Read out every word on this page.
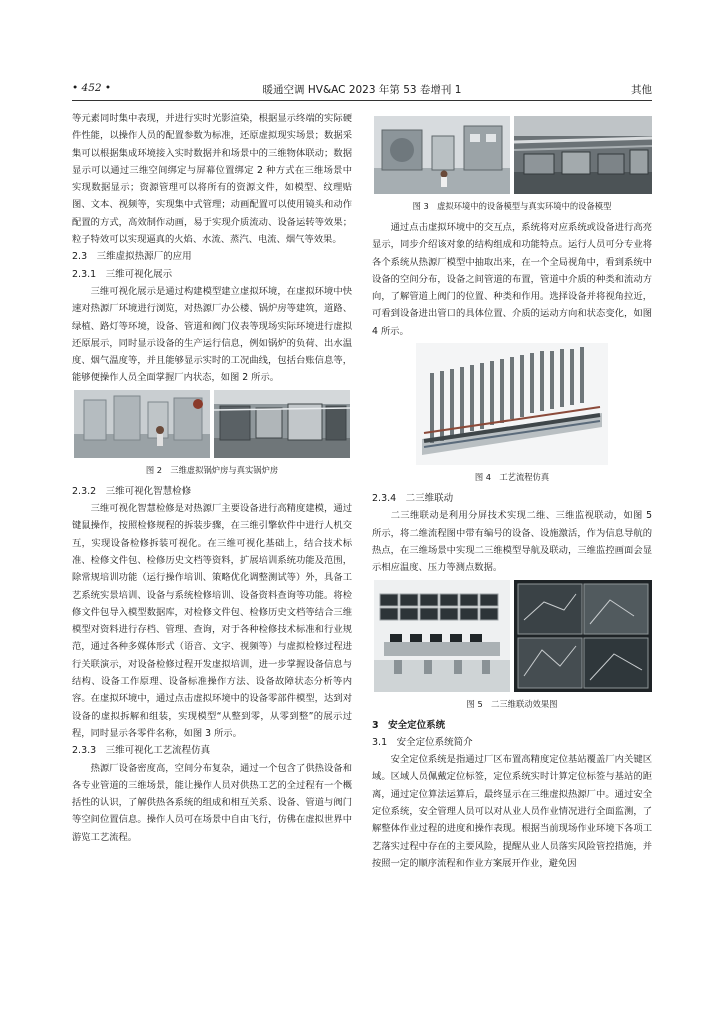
• 452 •	暖通空调 HV&AC 2023 年第 53 卷增刊 1	其他

等元素同时集中表现，并进行实时光影渲染，根据显示终端的实际硬件性能，以操作人员的配置参数为标准，还原虚拟现实场景；数据采集可以根据集成环境接入实时数据并和场景中的三维物体联动；数据显示可以通过三维空间绑定与屏幕位置绑定 2 种方式在三维场景中实现数据显示；资源管理可以将所有的资源文件，如模型、纹理贴图、文本、视频等，实现集中式管理；动画配置可以使用镜头和动作配置的方式，高效制作动画，易于实现介质流动、设备运转等效果；粒子特效可以实现逼真的火焰、水流、蒸汽、电流、烟气等效果。

2.3　三维虚拟热源厂的应用
2.3.1　三维可视化展示

三维可视化展示是通过构建模型建立虚拟环境，在虚拟环境中快速对热源厂环境进行浏览，对热源厂办公楼、锅炉房等建筑，道路、绿植、路灯等环境，设备、管道和阀门仪表等现场实际环境进行虚拟还原展示，同时显示设备的生产运行信息，例如锅炉的负荷、出水温度、烟气温度等，并且能够显示实时的工况曲线，包括台账信息等，能够便操作人员全面掌握厂内状态，如图 2 所示。

图 2　三维虚拟锅炉房与真实锅炉房
2.3.2　三维可视化智慧检修

三维可视化智慧检修是对热源厂主要设备进行高精度建模，通过键鼠操作，按照检修规程的拆装步骤，在三维引擎软件中进行人机交互，实现设备检修拆装可视化。在三维可视化基础上，结合技术标准、检修文件包、检修历史文档等资料，扩展培训系统功能及范围，除常规培训功能（运行操作培训、策略优化调整测试等）外，具备工艺系统实景培训、设备与系统检修培训、设备资料查询等功能。将检修文件包导入模型数据库，对检修文件包、检修历史文档等结合三维模型对资料进行存档、管理、查询，对于各种检修技术标准和行业规范，通过各种多媒体形式（语音、文字、视频等）与虚拟检修过程进行关联演示，对设备检修过程开发虚拟培训，进一步掌握设备信息与结构、设备工作原理、设备标准操作方法、设备故障状态分析等内容。在虚拟环境中，通过点击虚拟环境中的设备零部件模型，达到对设备的虚拟拆解和组装，实现模型“从整到零，从零到整”的展示过程，同时显示各零件名称，如图 3 所示。

2.3.3　三维可视化工艺流程仿真

热源厂设备密度高，空间分布复杂，通过一个包含了供热设备和各专业管道的三维场景，能让操作人员对供热工艺的全过程有一个概括性的认识，了解供热各系统的组成和相互关系、设备、管道与阀门等空间位置信息。操作人员可在场景中自由飞行，仿佛在虚拟世界中游览工艺流程。

图 3　虚拟环境中的设备模型与真实环境中的设备模型

通过点击虚拟环境中的交互点，系统将对应系统或设备进行高亮显示，同步介绍该对象的结构组成和功能特点。运行人员可分专业将各个系统从热源厂模型中抽取出来，在一个全局视角中，看到系统中设备的空间分布，设备之间管道的布置，管道中介质的种类和流动方向，了解管道上阀门的位置、种类和作用。选择设备并将视角拉近，可看到设备进出管口的具体位置、介质的运动方向和状态变化，如图 4 所示。

图 4　工艺流程仿真
2.3.4　二三维联动

二三维联动是利用分屏技术实现二维、三维监视联动，如图 5 所示，将二维流程图中带有编号的设备、设施激活，作为信息导航的热点，在三维场景中实现二三维模型导航及联动，三维监控画面会显示相应温度、压力等测点数据。

图 5　二三维联动效果图
3　安全定位系统
3.1　安全定位系统简介

安全定位系统是指通过厂区布置高精度定位基站覆盖厂内关键区域。区域人员佩戴定位标签，定位系统实时计算定位标签与基站的距离，通过定位算法运算后，最终显示在三维虚拟热源厂中。通过安全定位系统，安全管理人员可以对从业人员作业情况进行全面监测，了解整体作业过程的进度和操作表现。根据当前现场作业环境下各项工艺落实过程中存在的主要风险，提醒从业人员落实风险管控措施，并按照一定的顺序流程和作业方案展开作业，避免因
